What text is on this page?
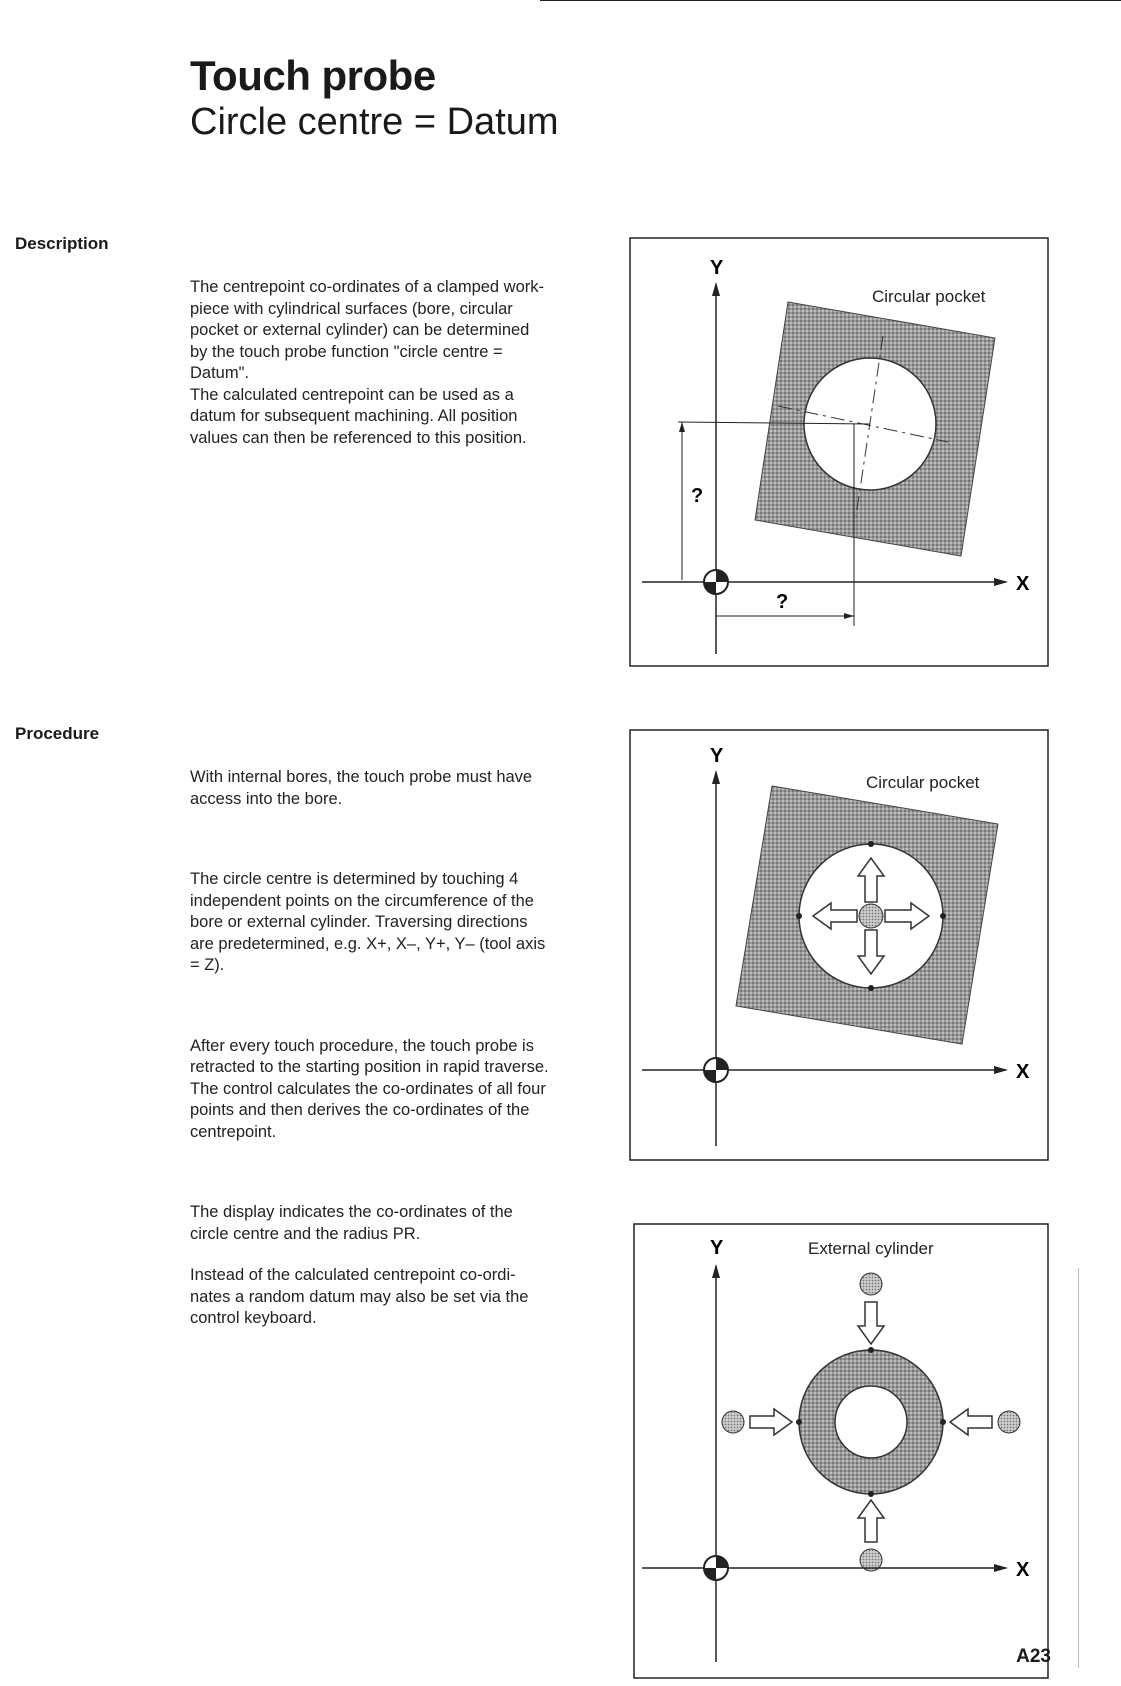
Touch probe
Circle centre = Datum
Description

The centrepoint co-ordinates of a clamped work-
piece with cylindrical surfaces (bore, circular
pocket or external cylinder) can be determined
by the touch probe function "circle centre =
Datum".
The calculated centrepoint can be used as a
datum for subsequent machining. All position
values can then be referenced to this position.

Procedure

With internal bores, the touch probe must have
access into the bore.

The circle centre is determined by touching 4
independent points on the circumference of the
bore or external cylinder. Traversing directions
are predetermined, e.g. X+, X–, Y+, Y– (tool axis
= Z).

After every touch procedure, the touch probe is
retracted to the starting position in rapid traverse.
The control calculates the co-ordinates of all four
points and then derives the co-ordinates of the
centrepoint.

The display indicates the co-ordinates of the
circle centre and the radius PR.

Instead of the calculated centrepoint co-ordi-
nates a random datum may also be set via the
control keyboard.

Y
X
?
?
Circular pocket
Y
X
Circular pocket
Y
X
External cylinder
A23
